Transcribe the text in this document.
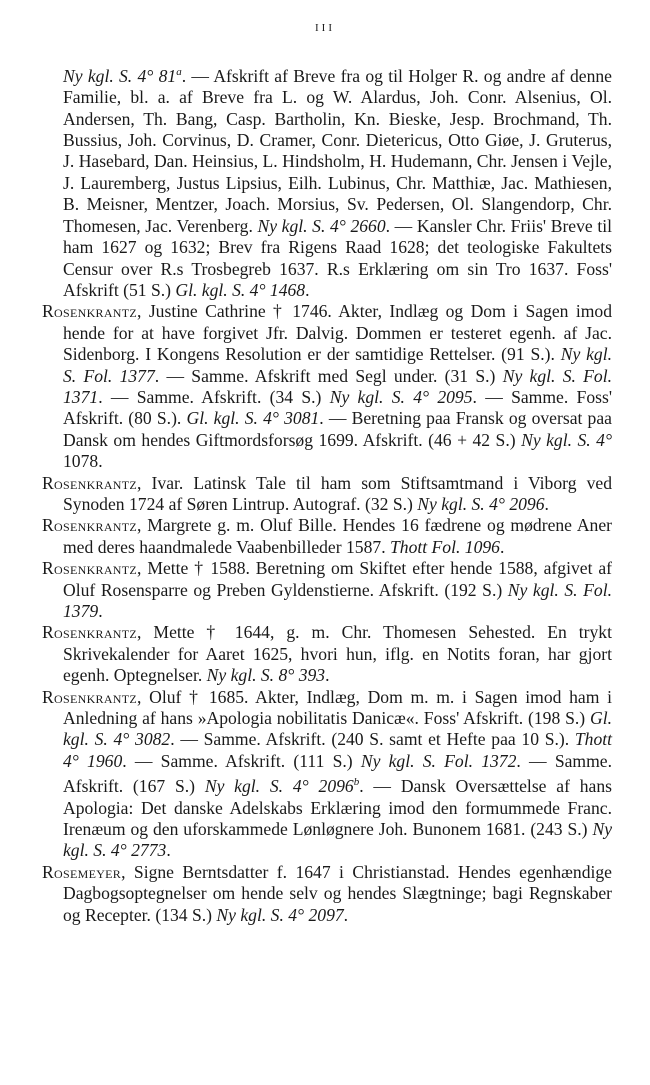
III

Ny kgl. S. 4° 81$^a$. — Afskrift af Breve fra og til Holger R. og andre af denne Familie, bl. a. af Breve fra L. og W. Alardus, Joh. Conr. Alsenius, Ol. Andersen, Th. Bang, Casp. Bartholin, Kn. Bieske, Jesp. Brochmand, Th. Bussius, Joh. Corvinus, D. Cramer, Conr. Dietericus, Otto Giøe, J. Gruterus, J. Hasebard, Dan. Heinsius, L. Hindsholm, H. Hudemann, Chr. Jensen i Vejle, J. Lauremberg, Justus Lipsius, Eilh. Lubinus, Chr. Matthiæ, Jac. Mathiesen, B. Meisner, Mentzer, Joach. Morsius, Sv. Pedersen, Ol. Slangendorp, Chr. Thomesen, Jac. Verenberg. Ny kgl. S. 4° 2660. — Kansler Chr. Friis' Breve til ham 1627 og 1632; Brev fra Rigens Raad 1628; det teologiske Fakultets Censur over R.s Trosbegreb 1637. R.s Erklæring om sin Tro 1637. Foss' Afskrift (51 S.) Gl. kgl. S. 4° 1468.

Rosenkrantz, Justine Cathrine † 1746. Akter, Indlæg og Dom i Sagen imod hende for at have forgivet Jfr. Dalvig. Dommen er testeret egenh. af Jac. Sidenborg. I Kongens Resolution er der samtidige Rettelser. (91 S.). Ny kgl. S. Fol. 1377. — Samme. Afskrift med Segl under. (31 S.) Ny kgl. S. Fol. 1371. — Samme. Afskrift. (34 S.) Ny kgl. S. 4° 2095. — Samme. Foss' Afskrift. (80 S.). Gl. kgl. S. 4° 3081. — Beretning paa Fransk og oversat paa Dansk om hendes Giftmordsforsøg 1699. Afskrift. (46 + 42 S.) Ny kgl. S. 4° 1078.

Rosenkrantz, Ivar. Latinsk Tale til ham som Stiftsamtmand i Viborg ved Synoden 1724 af Søren Lintrup. Autograf. (32 S.) Ny kgl. S. 4° 2096.

Rosenkrantz, Margrete g. m. Oluf Bille. Hendes 16 fædrene og mødrene Aner med deres haandmalede Vaabenbilleder 1587. Thott Fol. 1096.

Rosenkrantz, Mette † 1588. Beretning om Skiftet efter hende 1588, afgivet af Oluf Rosensparre og Preben Gyldenstierne. Afskrift. (192 S.) Ny kgl. S. Fol. 1379.

Rosenkrantz, Mette † 1644, g. m. Chr. Thomesen Sehested. En trykt Skrivekalender for Aaret 1625, hvori hun, iflg. en Notits foran, har gjort egenh. Optegnelser. Ny kgl. S. 8° 393.

Rosenkrantz, Oluf † 1685. Akter, Indlæg, Dom m. m. i Sagen imod ham i Anledning af hans »Apologia nobilitatis Danicæ«. Foss' Afskrift. (198 S.) Gl. kgl. S. 4° 3082. — Samme. Afskrift. (240 S. samt et Hefte paa 10 S.). Thott 4° 1960. — Samme. Afskrift. (111 S.) Ny kgl. S. Fol. 1372. — Samme. Afskrift. (167 S.) Ny kgl. S. 4° 2096$^b$. — Dansk Oversættelse af hans Apologia: Det danske Adelskabs Erklæring imod den formummede Franc. Irenæum og den uforskammede Lønløgnere Joh. Bunonem 1681. (243 S.) Ny kgl. S. 4° 2773.

Rosemeyer, Signe Berntsdatter f. 1647 i Christianstad. Hendes egenhændige Dagbogsoptegnelser om hende selv og hendes Slægtninge; bagi Regnskaber og Recepter. (134 S.) Ny kgl. S. 4° 2097.
